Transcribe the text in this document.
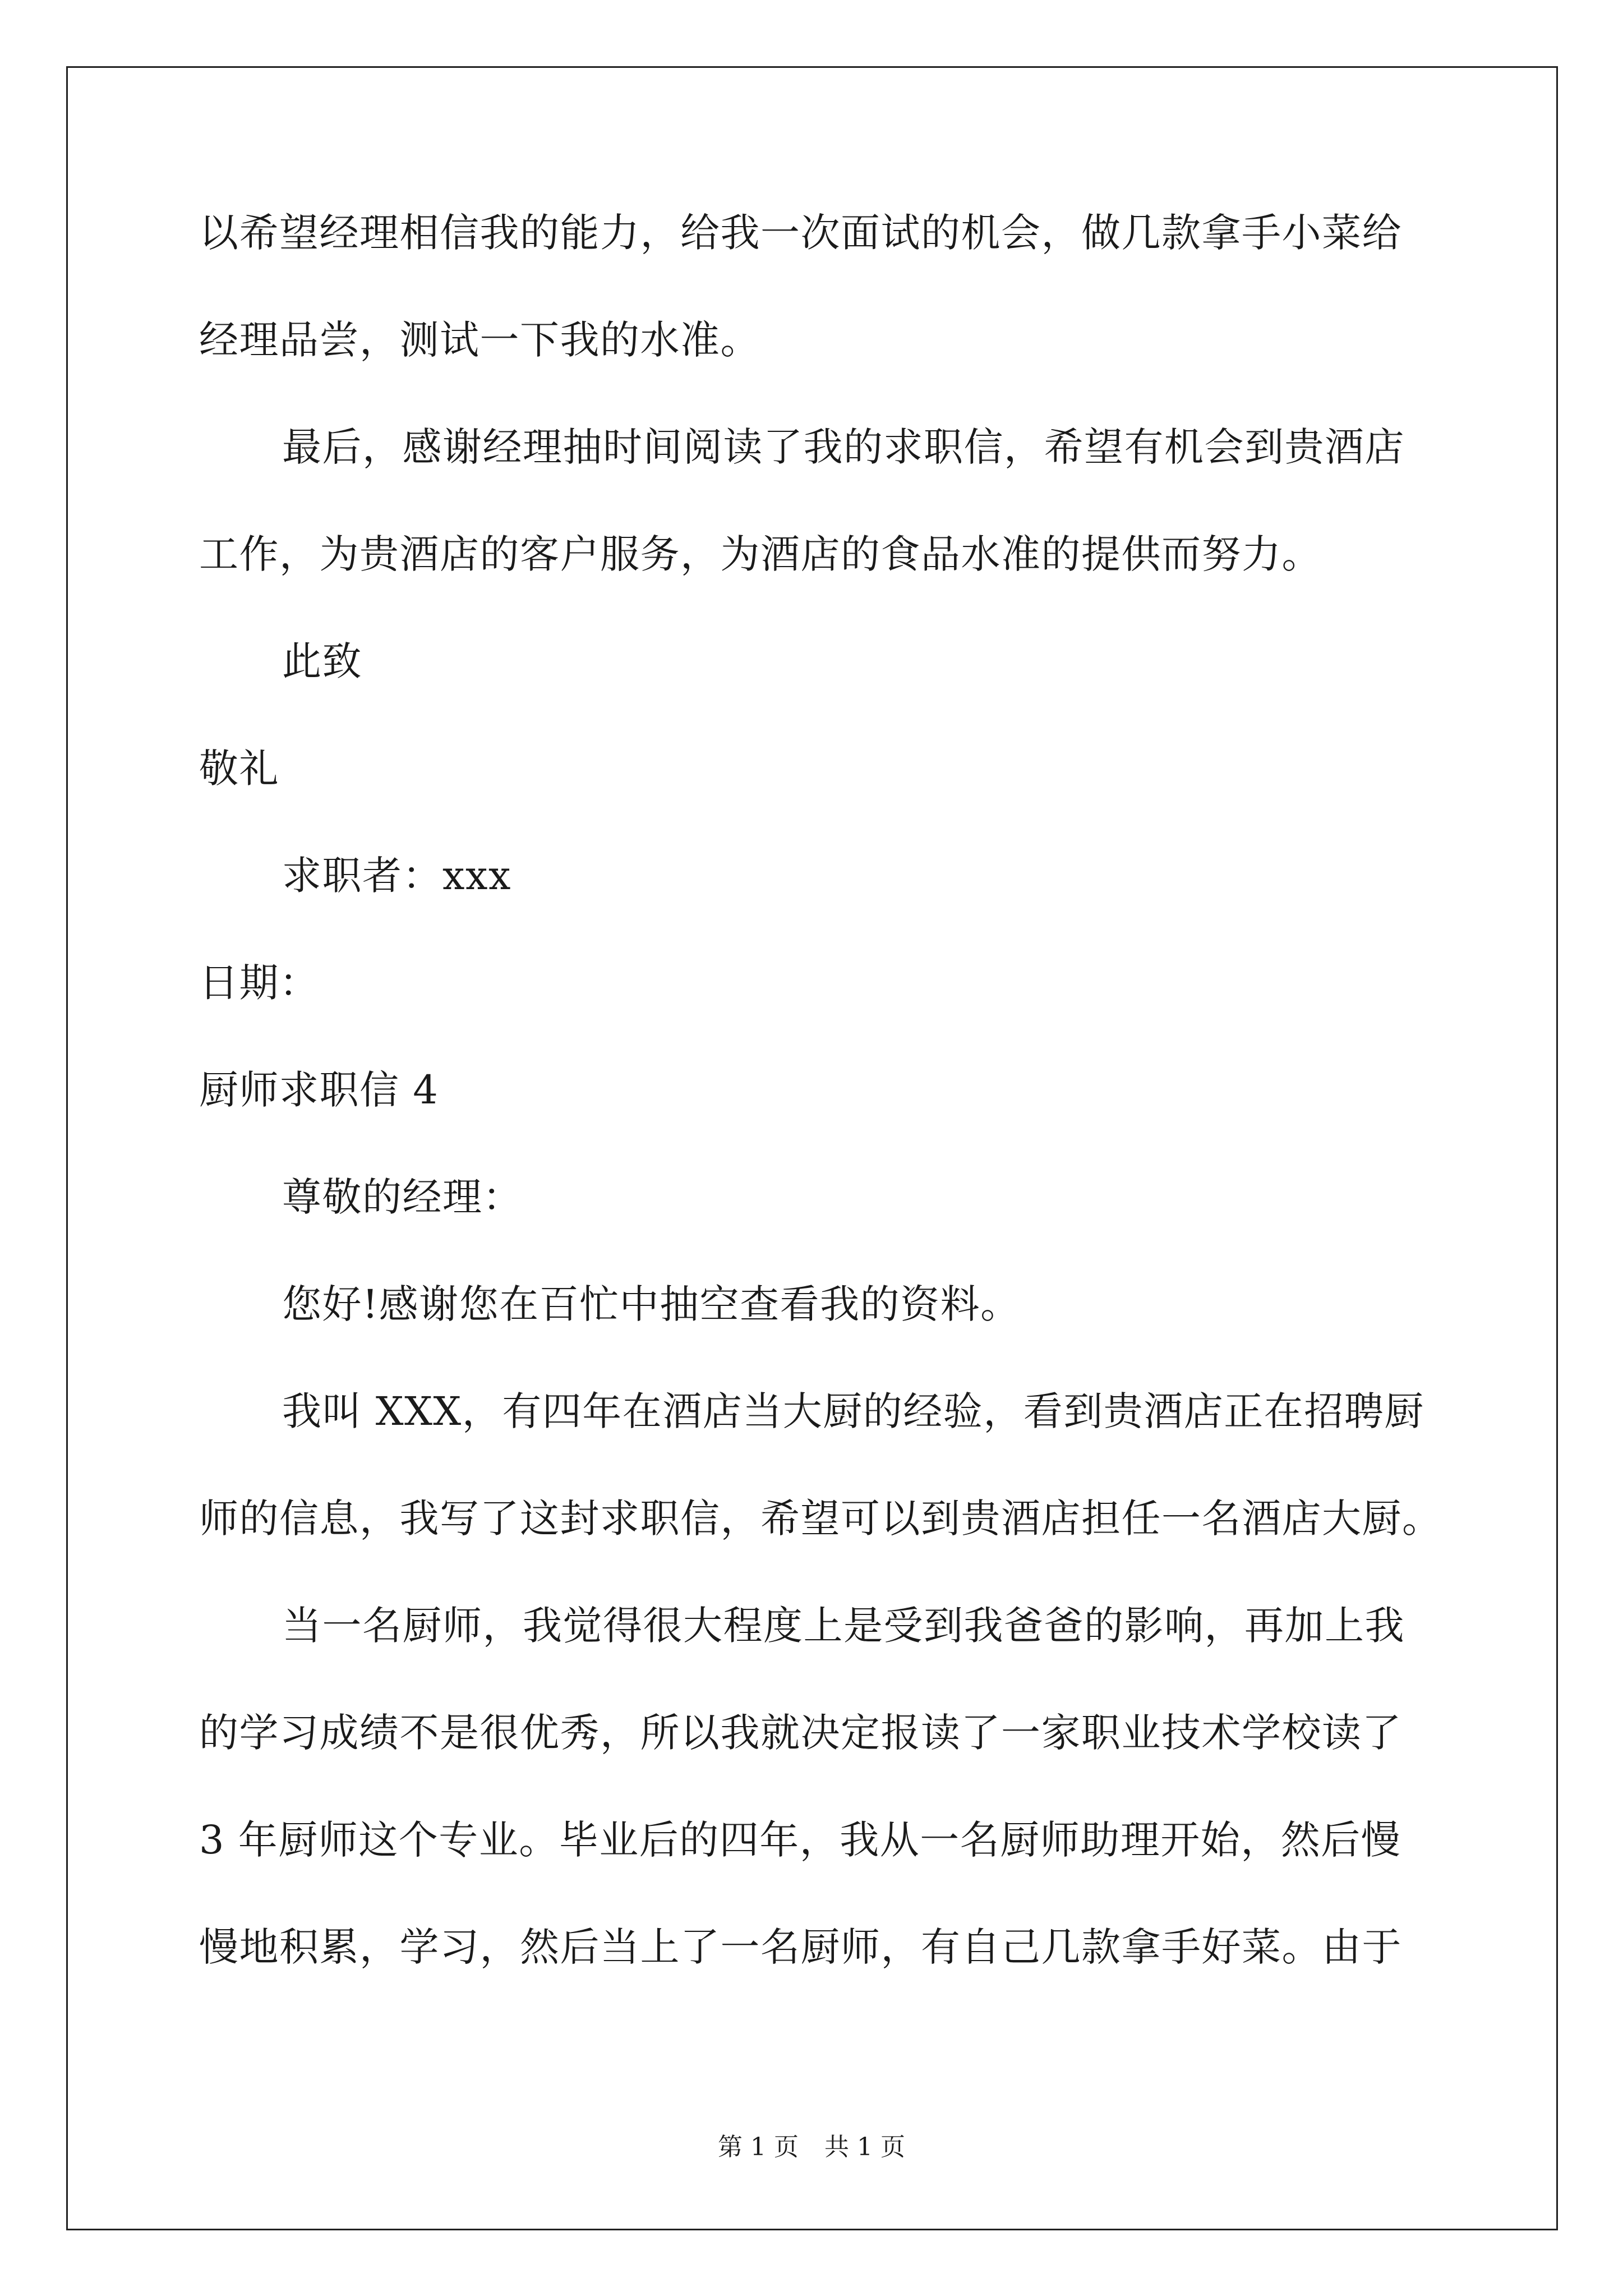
以希望经理相信我的能力，给我一次面试的机会，做几款拿手小菜给
经理品尝，测试一下我的水准。
最后，感谢经理抽时间阅读了我的求职信，希望有机会到贵酒店
工作，为贵酒店的客户服务，为酒店的食品水准的提供而努力。
此致
敬礼
求职者：xxx
日期：
厨师求职信 4
尊敬的经理：
您好!感谢您在百忙中抽空查看我的资料。
我叫 XXX，有四年在酒店当大厨的经验，看到贵酒店正在招聘厨
师的信息，我写了这封求职信，希望可以到贵酒店担任一名酒店大厨。
当一名厨师，我觉得很大程度上是受到我爸爸的影响，再加上我
的学习成绩不是很优秀，所以我就决定报读了一家职业技术学校读了
3 年厨师这个专业。毕业后的四年，我从一名厨师助理开始，然后慢
慢地积累，学习，然后当上了一名厨师，有自己几款拿手好菜。由于
第 1 页 共 1 页
